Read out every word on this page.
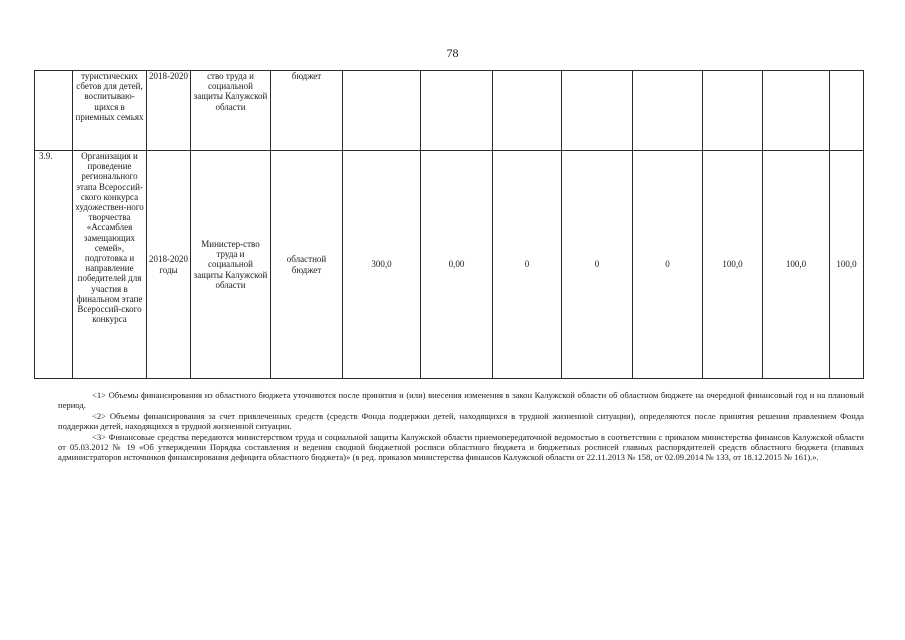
78
	туристических сбетов для детей, воспитываю-щихся в приемных семьях	2018-2020	ство труда и социальной защиты Калужской области	бюджет								
3.9.	Организация и проведение регионального этапа Всероссий-ского конкурса художествен-ного творчества «Ассамблея замещающих семей», подготовка и направление победителей для участия в финальном этапе Всероссий-ского конкурса	2018-2020 годы	Министер-ство труда и социальной защиты Калужской области	областной бюджет	300,0	0,00	0	0	0	100,0	100,0	100,0

<1> Объемы финансирования из областного бюджета уточняются после принятия и (или) внесения изменения в закон Калужской области об областном бюджете на очередной финансовый год и на плановый период.

<2> Объемы финансирования за счет привлеченных средств (средств Фонда поддержки детей, находящихся в трудной жизненной ситуации), определяются после принятия решения правлением Фонда поддержки детей, находящихся в трудной жизненной ситуации.

<3> Финансовые средства передаются министерством труда и социальной защиты Калужской области приемопередаточной ведомостью в соответствии с приказом министерства финансов Калужской области от 05.03.2012 № 19 «Об утверждении Порядка составления и ведения сводной бюджетной росписи областного бюджета и бюджетных росписей главных распорядителей средств областного бюджета (главных администраторов источников финансирования дефицита областного бюджета)» (в ред. приказов министерства финансов Калужской области от 22.11.2013 № 158, от 02.09.2014 № 133, от 18.12.2015 № 161).».
